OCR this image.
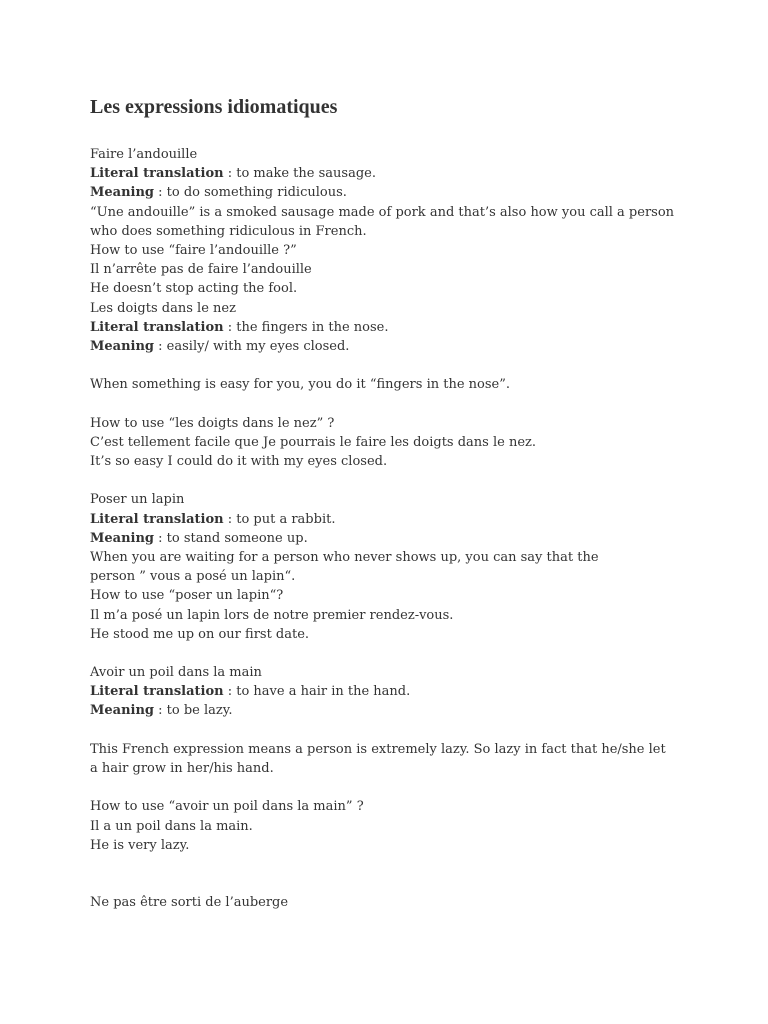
Les expressions idiomatiques
Faire l’andouille
Literal translation : to make the sausage.
Meaning : to do something ridiculous.
“Une andouille” is a smoked sausage made of pork and that’s also how you call a person who does something ridiculous in French.
How to use “faire l’andouille ?”
Il n’arrête pas de faire l’andouille
He doesn’t stop acting the fool.
Les doigts dans le nez
Literal translation : the fingers in the nose.
Meaning : easily/ with my eyes closed.
When something is easy for you, you do it “fingers in the nose”.
How to use “les doigts dans le nez” ?
C’est tellement facile que Je pourrais le faire les doigts dans le nez.
It’s so easy I could do it with my eyes closed.
Poser un lapin
Literal translation : to put a rabbit.
Meaning : to stand someone up.
When you are waiting for a person who never shows up, you can say that the
person ” vous a posé un lapin“.
How to use “poser un lapin“?
Il m’a posé un lapin lors de notre premier rendez-vous.
He stood me up on our first date.
Avoir un poil dans la main
Literal translation : to have a hair in the hand.
Meaning : to be lazy.
This French expression means a person is extremely lazy. So lazy in fact that he/she let a hair grow in her/his hand.
How to use “avoir un poil dans la main” ?
Il a un poil dans la main.
He is very lazy.
Ne pas être sorti de l’auberge
